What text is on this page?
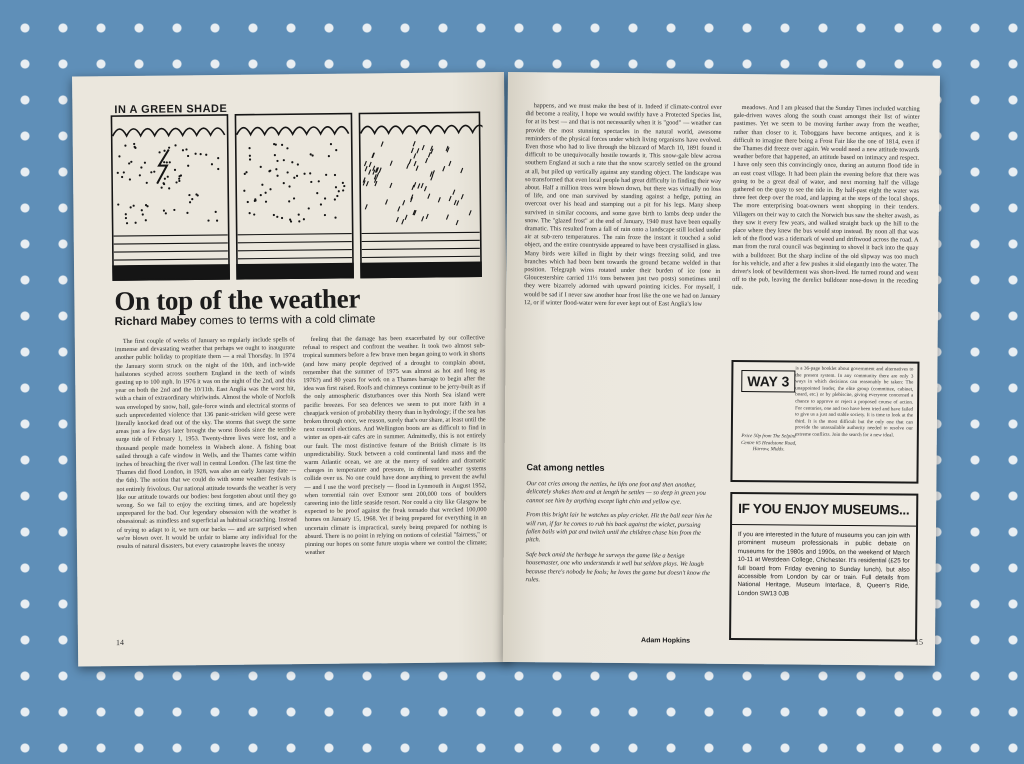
IN A GREEN SHADE
On top of the weather
Richard Mabey comes to terms with a cold climate

The first couple of weeks of January so regularly include spells of immense and devastating weather that perhaps we ought to inaugurate another public holiday to propitiate them — a real Thorsday. In 1974 the January storm struck on the night of the 10th, and inch-wide hailstones scythed across southern England in the teeth of winds gusting up to 100 mph. In 1976 it was on the night of the 2nd, and this year on both the 2nd and the 10/11th. East Anglia was the worst hit, with a chain of extraordinary whirlwinds. Almost the whole of Norfolk was enveloped by snow, hail, gale-force winds and electrical storms of such unprecedented violence that 136 panic-stricken wild geese were literally knocked dead out of the sky. The storms that swept the same areas just a few days later brought the worst floods since the terrible surge tide of February 1, 1953. Twenty-three lives were lost, and a thousand people made homeless in Wisbech alone. A fishing boat sailed through a cafe window in Wells, and the Thames came within inches of breaching the river wall in central London. (The last time the Thames did flood London, in 1928, was also an early January date — the 6th). The notion that we could do with some weather festivals is not entirely frivolous. Our national attitude towards the weather is very like our attitude towards our bodies: best forgotten about until they go wrong. So we fail to enjoy the exciting times, and are hopelessly unprepared for the bad. Our legendary obsession with the weather is obsessional: as mindless and superficial as habitual scratching. Instead of trying to adapt to it, we turn our backs — and are surprised when we're blown over. It would be unfair to blame any individual for the results of natural disasters, but every catastrophe leaves the uneasy

feeling that the damage has been exacerbated by our collective refusal to respect and confront the weather. It took two almost sub-tropical summers before a few brave men began going to work in shorts (and how many people deprived of a drought to complain about, remember that the summer of 1975 was almost as hot and long as 1976?) and 80 years for work on a Thames barrage to begin after the idea was first raised. Roofs and chimneys continue to be jerry-built as if the only atmospheric disturbances over this North Sea island were pacific breezes. For sea defences we seem to put more faith in a cheapjack version of probability theory than in hydrology; if the sea has broken through once, we reason, surely that's our share, at least until the next council elections. And Wellington boots are as difficult to find in winter as open-air cafes are in summer. Admittedly, this is not entirely our fault. The most distinctive feature of the British climate is its unpredictability. Stuck between a cold continental land mass and the warm Atlantic ocean, we are at the mercy of sudden and dramatic changes in temperature and pressure, in different weather systems collide over us. No one could have done anything to prevent the awful — and I use the word precisely — flood in Lynmouth in August 1952, when torrential rain over Exmoor sent 200,000 tons of boulders careering into the little seaside resort. Nor could a city like Glasgow be expected to be proof against the freak tornado that wrecked 100,000 homes on January 15, 1968. Yet if being prepared for everything in an uncertain climate is impractical, surely being prepared for nothing is absurd. There is no point in relying on notions of celestial "fairness," or pinning our hopes on some future utopia where we control the climate; weather

14

happens, and we must make the best of it. Indeed if climate-control ever did become a reality, I hope we would swiftly have a Protected Species list, for at its best — and that is not necessarily when it is "good" — weather can provide the most stunning spectacles in the natural world, awesome reminders of the physical forces under which living organisms have evolved. Even those who had to live through the blizzard of March 10, 1891 found it difficult to be unequivocally hostile towards it. This snow-gale blew across southern England at such a rate that the snow scarcely settled on the ground at all, but piled up vertically against any standing object. The landscape was so transformed that even local people had great difficulty in finding their way about. Half a million trees were blown down, but there was virtually no loss of life, and one man survived by standing against a hedge, putting an overcoat over his head and stamping out a pit for his legs. Many sheep survived in similar cocoons, and some gave birth to lambs deep under the snow. The "glazed frost" at the end of January, 1940 must have been equally dramatic. This resulted from a fall of rain onto a landscape still locked under air at sub-zero temperatures. The rain froze the instant it touched a solid object, and the entire countryside appeared to have been crystallised in glass. Many birds were killed in flight by their wings freezing solid, and tree branches which had been bent towards the ground became welded in that position. Telegraph wires rotated under their burden of ice (one in Gloucestershire carried 11½ tons between just two posts) sometimes until they were bizarrely adorned with upward pointing icicles. For myself, I would be sad if I never saw another hoar frost like the one we had on January 12, or if winter flood-water were for ever kept out of East Anglia's low

meadows. And I am pleased that the Sunday Times included watching gale-driven waves along the south coast amongst their list of winter pastimes. Yet we seem to be moving further away from the weather, rather than closer to it. Toboggans have become antiques, and it is difficult to imagine there being a Frost Fair like the one of 1814, even if the Thames did freeze over again. We would need a new attitude towards weather before that happened, an attitude based on intimacy and respect. I have only seen this convincingly once, during an autumn flood tide in an east coast village. It had been plain the evening before that there was going to be a great deal of water, and next morning half the village gathered on the quay to see the tide in. By half-past eight the water was three feet deep over the road, and lapping at the steps of the local shops. The more enterprising boat-owners went shopping in their tenders. Villagers on their way to catch the Norwich bus saw the shelter awash, as they saw it every few years, and walked straight back up the hill to the place where they knew the bus would stop instead. By noon all that was left of the flood was a tidemark of weed and driftwood across the road. A man from the rural council was beginning to shovel it back into the quay with a bulldozer. But the sharp incline of the old slipway was too much for his vehicle, and after a few pushes it slid elegantly into the water. The driver's look of bewilderment was short-lived. He turned round and went off to the pub, leaving the derelict bulldozer nose-down in the receding tide.

Cat among nettles
Our cat cries among the nettles, he lifts one foot and then another, delicately shakes them and at length he settles — so deep in green you cannot see him by anything except light chin and yellow eye.
From this bright lair he watches us play cricket. Hit the ball near him he will run, if far he comes to rub his back against the wicket, pursuing fallen bails with pat and twitch until the children chase him from the pitch.
Safe back amid the herbage he surveys the game like a benign housemaster, one who understands it well but seldom plays. We laugh because there's nobody he fools; he loves the game but doesn't know the rules.
Adam Hopkins
WAY 3
is a 36-page booklet about government and alternatives to the present system. In any community there are only 3 ways in which decisions can reasonably be taken: The unappointed leader, the elite group (committee, cabinet, board, etc.) or by plebiscite, giving everyone concerned a chance to approve or reject a proposed course of action. For centuries, one and two have been tried and have failed to give us a just and stable society. It is time to look at the third. It is the most difficult but the only one that can provide the unassailable authority needed to resolve our extreme conflicts. Join the search for a new ideal.
Price 50p from The Selpine Centre 65 Headstone Road, Harrow, Middx.
IF YOU ENJOY MUSEUMS...
If you are interested in the future of museums you can join with prominent museum professionals in public debate on museums for the 1980s and 1990s, on the weekend of March 10-11 at Westdean College, Chichester. It's residential (£25 for full board from Friday evening to Sunday lunch), but also accessible from London by car or train. Full details from National Heritage, Museum Interface, 8, Queen's Ride, London SW13 0JB
15
